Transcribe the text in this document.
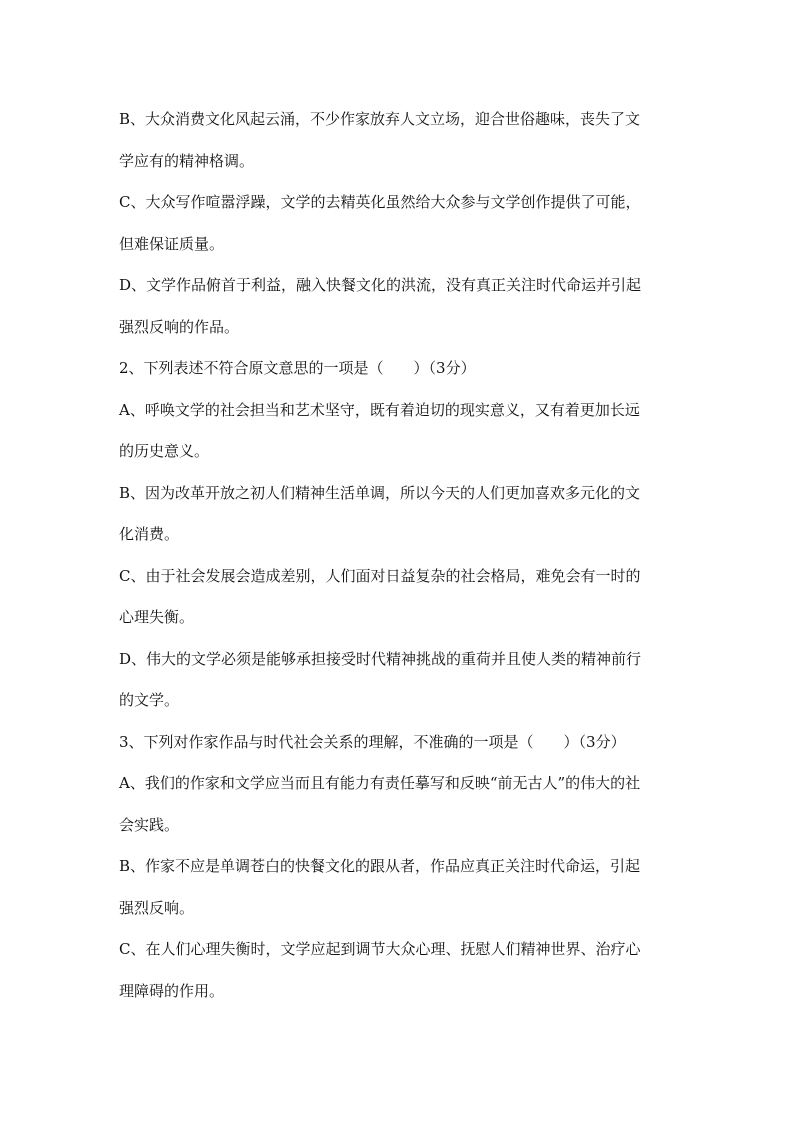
B、大众消费文化风起云涌，不少作家放弃人文立场，迎合世俗趣味，丧失了文
学应有的精神格调。
C、大众写作喧嚣浮躁，文学的去精英化虽然给大众参与文学创作提供了可能，
但难保证质量。
D、文学作品俯首于利益，融入快餐文化的洪流，没有真正关注时代命运并引起
强烈反响的作品。
2、下列表述不符合原文意思的一项是（　　）（3分）
A、呼唤文学的社会担当和艺术坚守，既有着迫切的现实意义，又有着更加长远
的历史意义。
B、因为改革开放之初人们精神生活单调，所以今天的人们更加喜欢多元化的文
化消费。
C、由于社会发展会造成差别，人们面对日益复杂的社会格局，难免会有一时的
心理失衡。
D、伟大的文学必须是能够承担接受时代精神挑战的重荷并且使人类的精神前行
的文学。
3、下列对作家作品与时代社会关系的理解，不准确的一项是（　　）（3分）
A、我们的作家和文学应当而且有能力有责任摹写和反映“前无古人”的伟大的社
会实践。
B、作家不应是单调苍白的快餐文化的跟从者，作品应真正关注时代命运，引起
强烈反响。
C、在人们心理失衡时，文学应起到调节大众心理、抚慰人们精神世界、治疗心
理障碍的作用。
